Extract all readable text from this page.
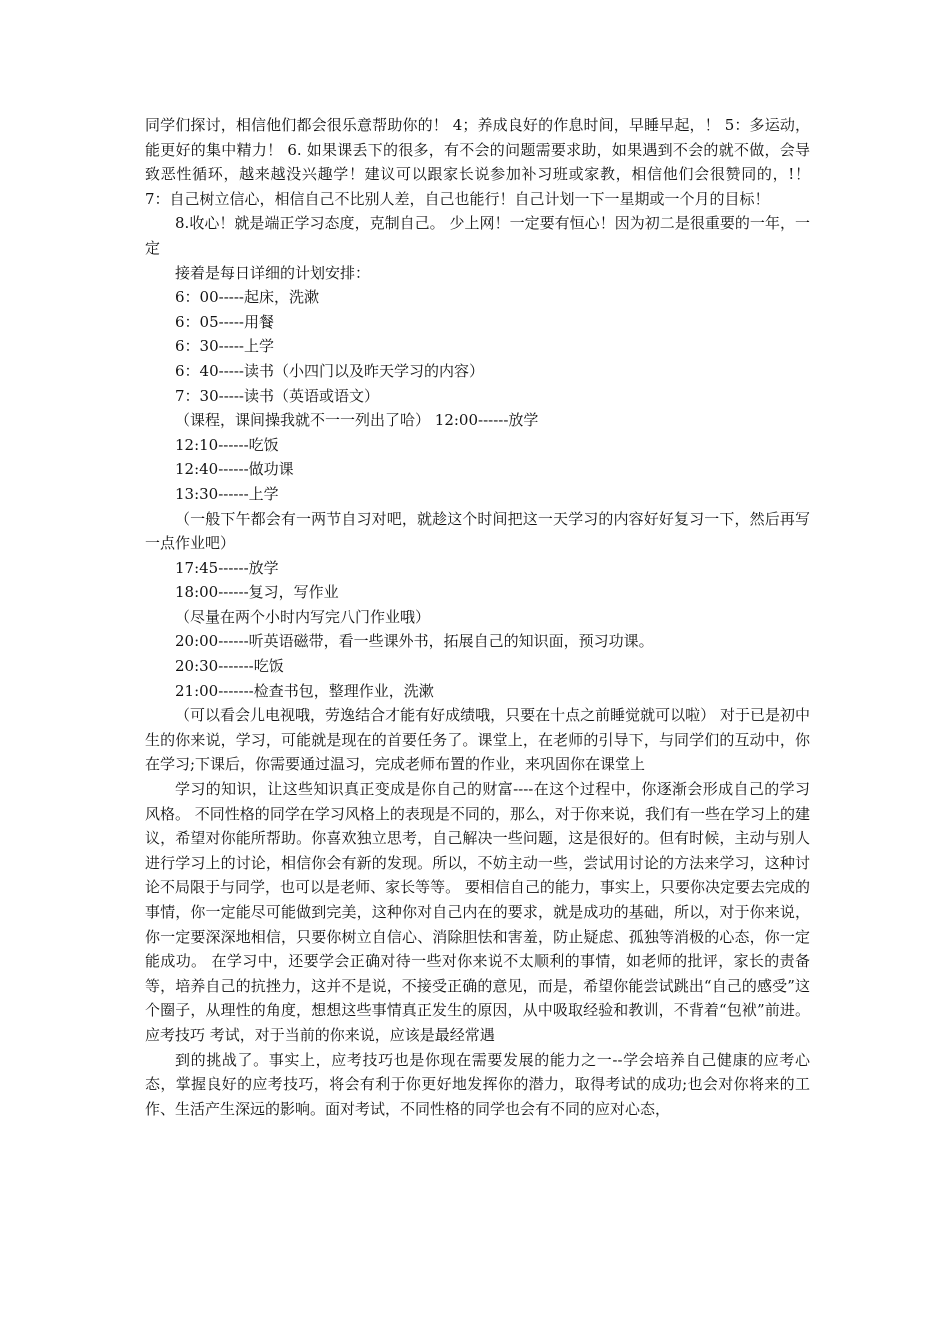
同学们探讨，相信他们都会很乐意帮助你的！ 4；养成良好的作息时间，早睡早起，！ 5：多运动，能更好的集中精力！ 6. 如果课丢下的很多，有不会的问题需要求助，如果遇到不会的就不做，会导致恶性循环，越来越没兴趣学！建议可以跟家长说参加补习班或家教，相信他们会很赞同的，!！ 7：自己树立信心，相信自己不比别人差，自己也能行！自己计划一下一星期或一个月的目标！

8.收心！就是端正学习态度，克制自己。 少上网！一定要有恒心！因为初二是很重要的一年，一定

接着是每日详细的计划安排：

6：00-----起床，洗漱

6：05-----用餐

6：30-----上学

6：40-----读书（小四门以及昨天学习的内容）

7：30-----读书（英语或语文）

（课程，课间操我就不一一列出了哈） 12:00------放学

12:10------吃饭

12:40------做功课

13:30------上学

（一般下午都会有一两节自习对吧，就趁这个时间把这一天学习的内容好好复习一下，然后再写一点作业吧）

17:45------放学

18:00------复习，写作业

（尽量在两个小时内写完八门作业哦）

20:00------听英语磁带，看一些课外书，拓展自己的知识面，预习功课。

20:30-------吃饭

21:00-------检查书包，整理作业，洗漱

（可以看会儿电视哦，劳逸结合才能有好成绩哦，只要在十点之前睡觉就可以啦） 对于已是初中生的你来说，学习，可能就是现在的首要任务了。课堂上，在老师的引导下，与同学们的互动中，你在学习;下课后，你需要通过温习，完成老师布置的作业，来巩固你在课堂上

学习的知识，让这些知识真正变成是你自己的财富----在这个过程中，你逐渐会形成自己的学习风格。 不同性格的同学在学习风格上的表现是不同的，那么，对于你来说，我们有一些在学习上的建议，希望对你能所帮助。你喜欢独立思考，自己解决一些问题，这是很好的。但有时候，主动与别人进行学习上的讨论，相信你会有新的发现。所以，不妨主动一些，尝试用讨论的方法来学习，这种讨论不局限于与同学，也可以是老师、家长等等。 要相信自己的能力，事实上，只要你决定要去完成的事情，你一定能尽可能做到完美，这种你对自己内在的要求，就是成功的基础，所以，对于你来说，你一定要深深地相信，只要你树立自信心、消除胆怯和害羞，防止疑虑、孤独等消极的心态，你一定能成功。 在学习中，还要学会正确对待一些对你来说不太顺利的事情，如老师的批评，家长的责备等，培养自己的抗挫力，这并不是说，不接受正确的意见，而是，希望你能尝试跳出“自己的感受”这个圈子，从理性的角度，想想这些事情真正发生的原因，从中吸取经验和教训，不背着“包袱”前进。 应考技巧 考试，对于当前的你来说，应该是最经常遇

到的挑战了。事实上，应考技巧也是你现在需要发展的能力之一--学会培养自己健康的应考心态，掌握良好的应考技巧，将会有利于你更好地发挥你的潜力，取得考试的成功;也会对你将来的工作、生活产生深远的影响。面对考试，不同性格的同学也会有不同的应对心态，
